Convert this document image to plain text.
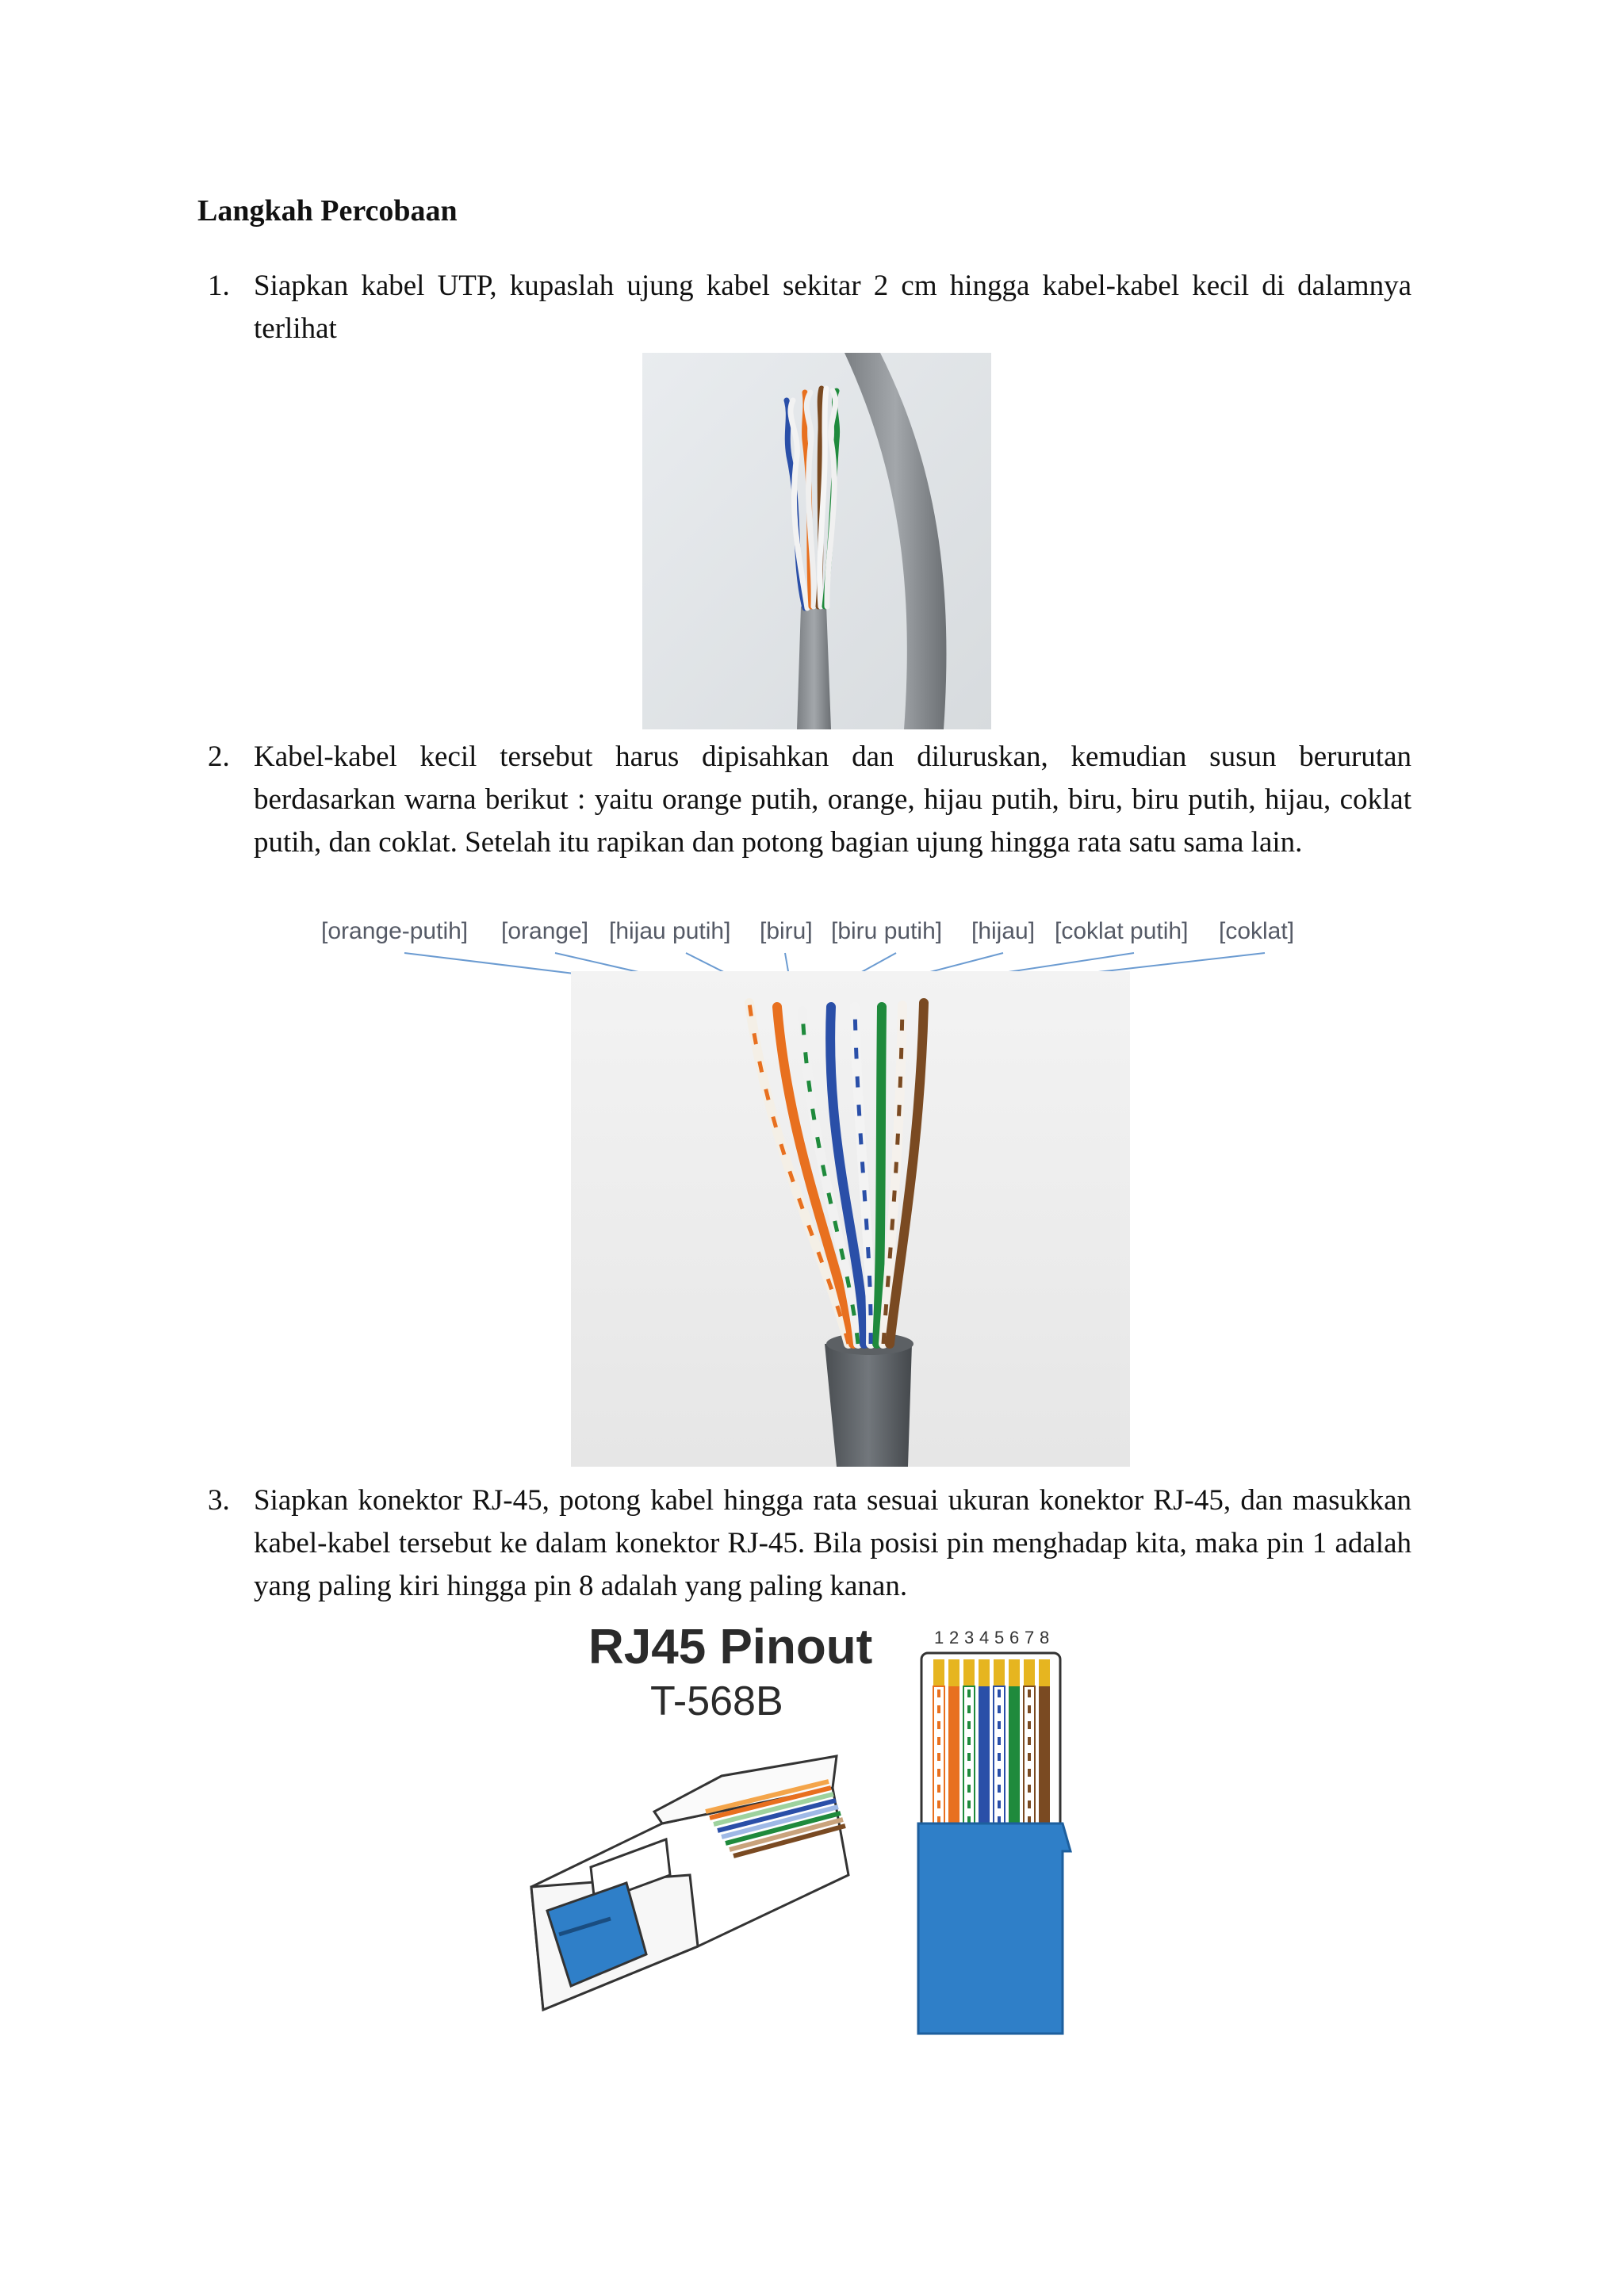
Langkah Percobaan
1. Siapkan kabel UTP, kupaslah ujung kabel sekitar 2 cm hingga kabel-kabel kecil di dalamnya terlihat
2. Kabel-kabel kecil tersebut harus dipisahkan dan diluruskan, kemudian susun berurutan berdasarkan warna berikut : yaitu orange putih, orange, hijau putih, biru, biru putih, hijau, coklat putih, dan coklat. Setelah itu rapikan dan potong bagian ujung hingga rata satu sama lain.
[orange-putih] [orange] [hijau putih] [biru] [biru putih] [hijau] [coklat putih] [coklat]
3. Siapkan konektor RJ-45, potong kabel hingga rata sesuai ukuran konektor RJ-45, dan masukkan kabel-kabel tersebut ke dalam konektor RJ-45. Bila posisi pin menghadap kita, maka pin 1 adalah yang paling kiri hingga pin 8 adalah yang paling kanan.
RJ45 Pinout
T-568B
1 2 3 4 5 6 7 8
